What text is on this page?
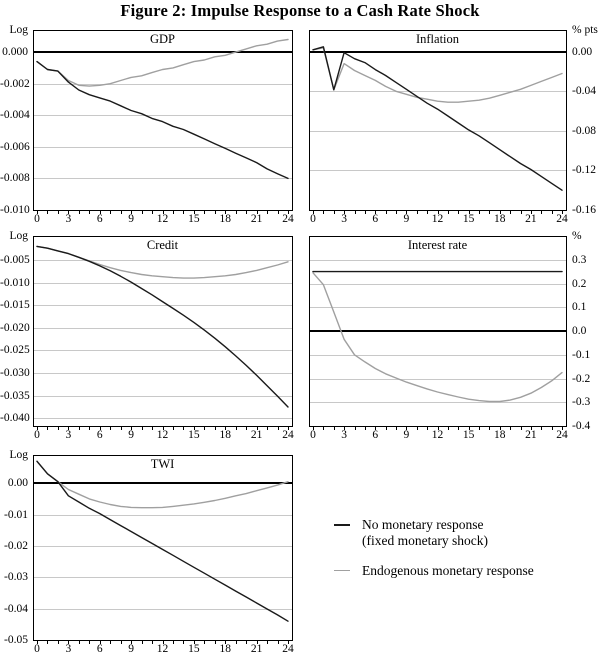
Figure 2: Impulse Response to a Cash Rate Shock
No monetary response
(fixed monetary shock)
Endogenous monetary response
GDP
0.000
-0.002
-0.004
-0.006
-0.008
-0.010
Log
0	3	6	9	12	15	18	21	24
Inflation
0.00
-0.04
-0.08
-0.12
-0.16
% pts
0	3	6	9	12	15	18	21	24
Credit
-0.005
-0.010
-0.015
-0.020
-0.025
-0.030
-0.035
-0.040
Log
0	3	6	9	12	15	18	21	24
Interest rate
0.3
0.2
0.1
0.0
-0.1
-0.2
-0.3
-0.4
%
0	3	6	9	12	15	18	21	24
TWI
0.00
-0.01
-0.02
-0.03
-0.04
-0.05
Log
0	3	6	9	12	15	18	21	24
